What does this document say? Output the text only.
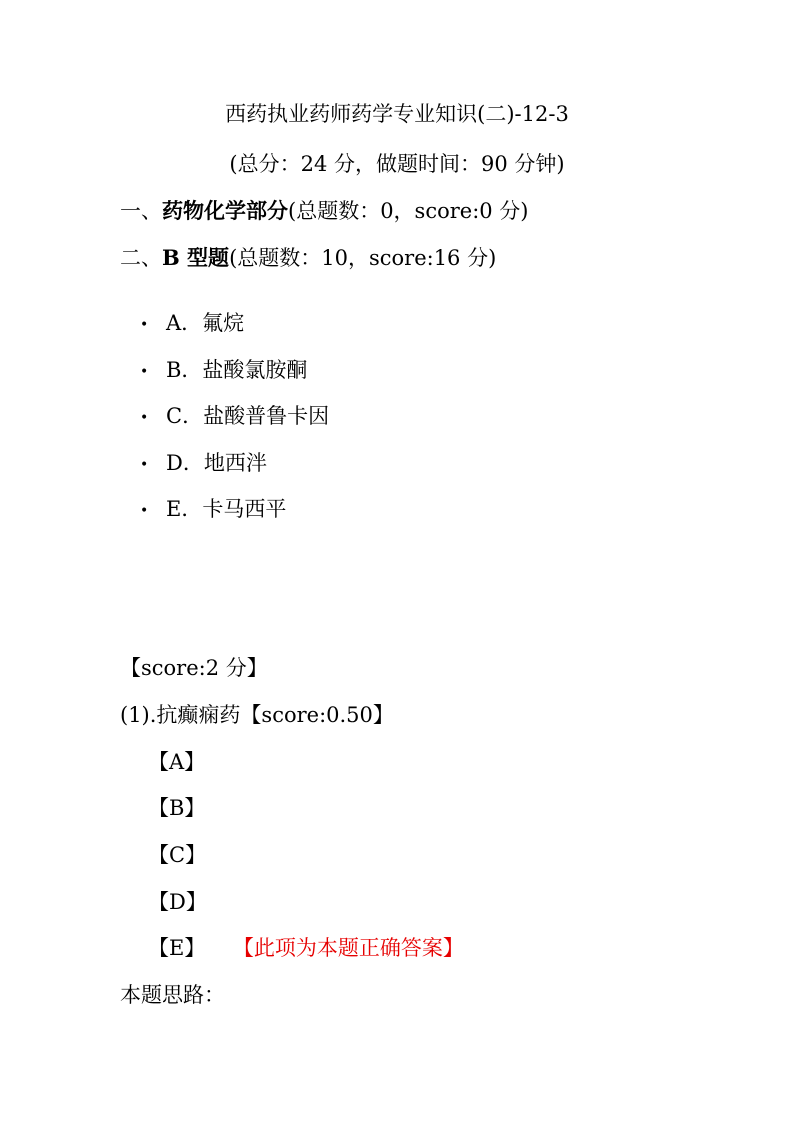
西药执业药师药学专业知识(二)-12-3
(总分：24 分，做题时间：90 分钟)
一、药物化学部分(总题数：0，score:0 分)
二、B 型题(总题数：10，score:16 分)
• A．氟烷
• B．盐酸氯胺酮
• C．盐酸普鲁卡因
• D．地西泮
• E．卡马西平
【score:2 分】
(1).抗癫痫药【score:0.50】
【A】
【B】
【C】
【D】
【E】 【此项为本题正确答案】
本题思路：
